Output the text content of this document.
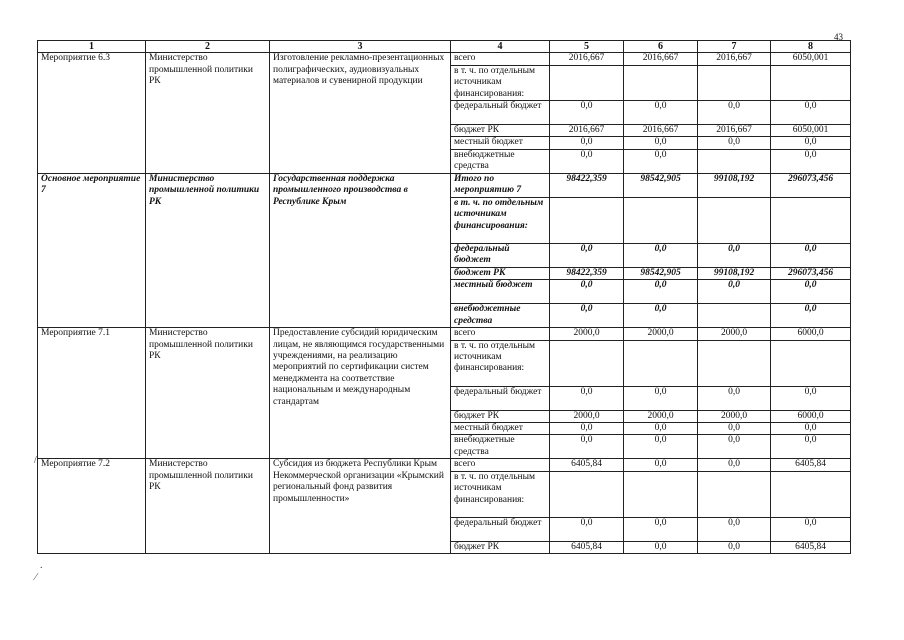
43
1	2	3	4	5	6	7	8
Мероприятие 6.3	Министерство промышленной политики РК	Изготовление рекламно-презентационных полиграфических, аудиовизуальных материалов и сувенирной продукции	всего	2016,667	2016,667	2016,667	6050,001
			в т. ч. по отдельным источникам финансирования:				
			федеральный бюджет	0,0	0,0	0,0	0,0
			бюджет РК	2016,667	2016,667	2016,667	6050,001
			местный бюджет	0,0	0,0	0,0	0,0
			внебюджетные средства	0,0	0,0		0,0
Основное мероприятие 7	Министерство промышленной политики РК	Государственная поддержка промышленного производства в Республике Крым	Итого по мероприятию 7	98422,359	98542,905	99108,192	296073,456
			в т. ч. по отдельным источникам финансирования:				
			федеральный бюджет	0,0	0,0	0,0	0,0
			бюджет РК	98422,359	98542,905	99108,192	296073,456
			местный бюджет	0,0	0,0	0,0	0,0
			внебюджетные средства	0,0	0,0		0,0
Мероприятие 7.1	Министерство промышленной политики РК	Предоставление субсидий юридическим лицам, не являющимся государственными учреждениями, на реализацию мероприятий по сертификации систем менеджмента на соответствие национальным и международным стандартам	всего	2000,0	2000,0	2000,0	6000,0
			в т. ч. по отдельным источникам финансирования:				
			федеральный бюджет	0,0	0,0	0,0	0,0
			бюджет РК	2000,0	2000,0	2000,0	6000,0
			местный бюджет	0,0	0,0	0,0	0,0
			внебюджетные средства	0,0	0,0	0,0	0,0
Мероприятие 7.2	Министерство промышленной политики РК	Субсидия из бюджета Республики Крым Некоммерческой организации «Крымский региональный фонд развития промышленности»	всего	6405,84	0,0	0,0	6405,84
			в т. ч. по отдельным источникам финансирования:				
			федеральный бюджет	0,0	0,0	0,0	0,0
			бюджет РК	6405,84	0,0	0,0	6405,84
/
.
⁄
